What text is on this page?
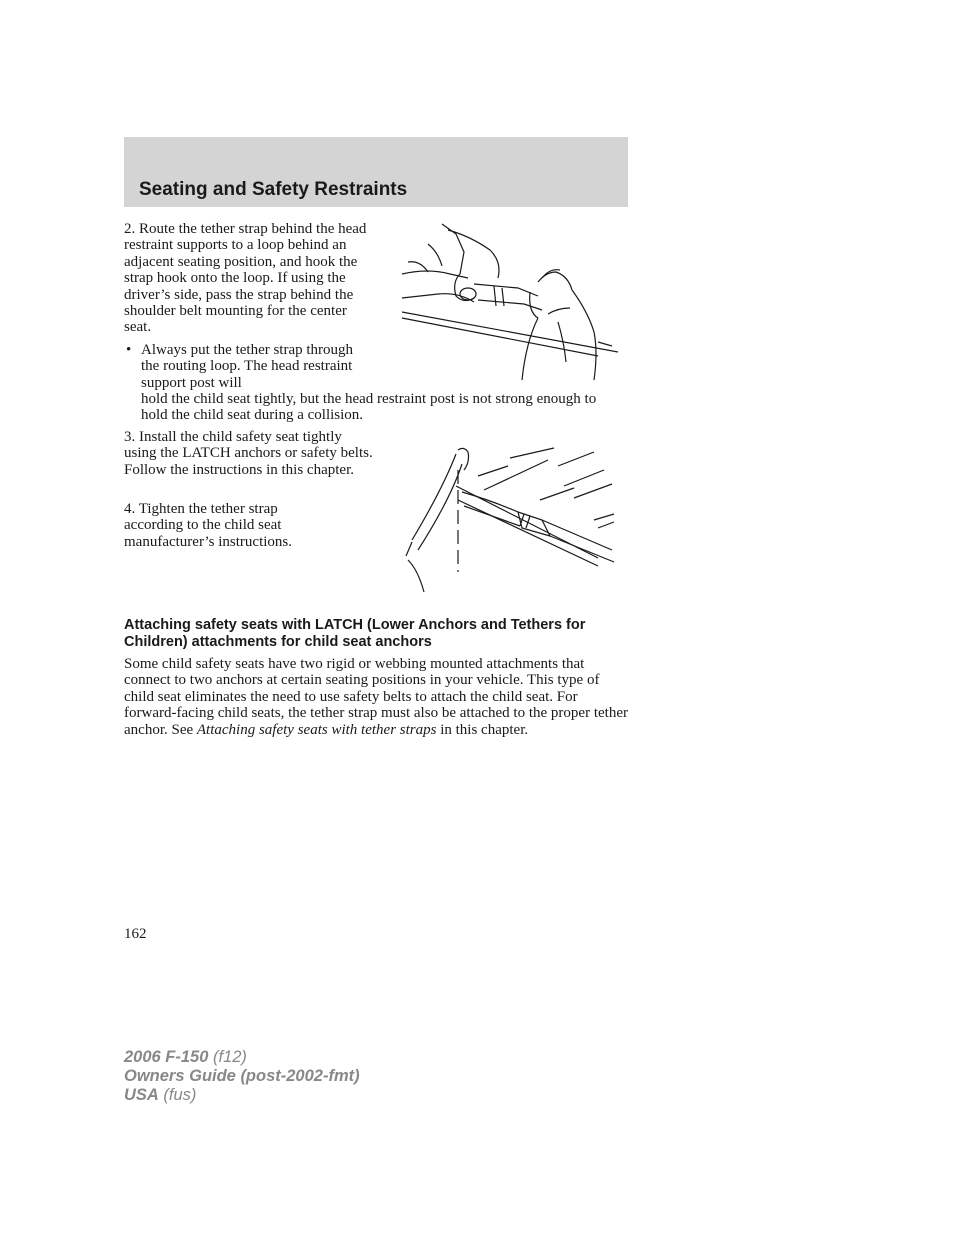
Seating and Safety Restraints

2. Route the tether strap behind the head restraint supports to a loop behind an adjacent seating position, and hook the strap hook onto the loop. If using the driver’s side, pass the strap behind the shoulder belt mounting for the center seat.

• Always put the tether strap through the routing loop. The head restraint support post will

hold the child seat tightly, but the head restraint post is not strong enough to hold the child seat during a collision.

3. Install the child safety seat tightly using the LATCH anchors or safety belts. Follow the instructions in this chapter.

4. Tighten the tether strap according to the child seat manufacturer’s instructions.

Attaching safety seats with LATCH (Lower Anchors and Tethers for Children) attachments for child seat anchors

Some child safety seats have two rigid or webbing mounted attachments that connect to two anchors at certain seating positions in your vehicle. This type of child seat eliminates the need to use safety belts to attach the child seat. For forward-facing child seats, the tether strap must also be attached to the proper tether anchor. See Attaching safety seats with tether straps in this chapter.

162

2006 F-150 (f12)
Owners Guide (post-2002-fmt)
USA (fus)
